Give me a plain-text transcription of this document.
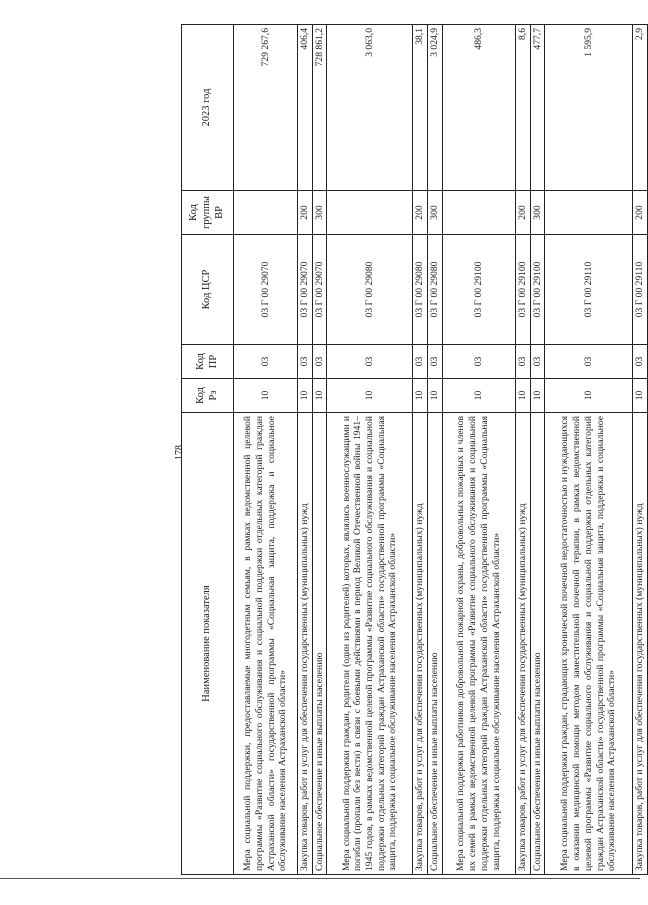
178
Наименование показателя	Код Рз	Код ПР	Код ЦСР	Код группы ВР	2023 год
Мера социальной поддержки, предоставляемые многодетным семьям, в рамках ведомственной целевой программы «Развитие социального обслуживания и социальной поддержки отдельных категорий граждан Астраханской области» государственной программы «Социальная защита, поддержка и социальное обслуживание населения Астраханской области»	10	03	03 Г 00 29070		729 267,6
Закупка товаров, работ и услуг для обеспечения государственных (муниципальных) нужд	10	03	03 Г 00 29070	200	406,4
Социальное обеспечение и иные выплаты населению	10	03	03 Г 00 29070	300	728 861,2
Мера социальной поддержки граждан, родители (один из родителей) которых, являлись военнослужащими и погибли (пропали без вести) в связи с боевыми действиями в период Великой Отечественной войны 1941–1945 годов, в рамках ведомственной целевой программы «Развитие социального обслуживания и социальной поддержки отдельных категорий граждан Астраханской области» государственной программы «Социальная защита, поддержка и социальное обслуживание населения Астраханской области»	10	03	03 Г 00 29080		3 063,0
Закупка товаров, работ и услуг для обеспечения государственных (муниципальных) нужд	10	03	03 Г 00 29080	200	38,1
Социальное обеспечение и иные выплаты населению	10	03	03 Г 00 29080	300	3 024,9
Мера социальной поддержки работников добровольной пожарной охраны, добровольных пожарных и членов их семей в рамках ведомственной целевой программы «Развитие социального обслуживания и социальной поддержки отдельных категорий граждан Астраханской области» государственной программы «Социальная защита, поддержка и социальное обслуживание населения Астраханской области»	10	03	03 Г 00 29100		486,3
Закупка товаров, работ и услуг для обеспечения государственных (муниципальных) нужд	10	03	03 Г 00 29100	200	8,6
Социальное обеспечение и иные выплаты населению	10	03	03 Г 00 29100	300	477,7
Мера социальной поддержки граждан, страдающих хронической почечной недостаточностью и нуждающихся в оказании медицинской помощи методом заместительной почечной терапии, в рамках ведомственной целевой программы «Развитие социального обслуживания и социальной поддержки отдельных категорий граждан Астраханской области» государственной программы «Социальная защита, поддержка и социальное обслуживание населения Астраханской области»	10	03	03 Г 00 29110		1 595,9
Закупка товаров, работ и услуг для обеспечения государственных (муниципальных) нужд	10	03	03 Г 00 29110	200	2,9
